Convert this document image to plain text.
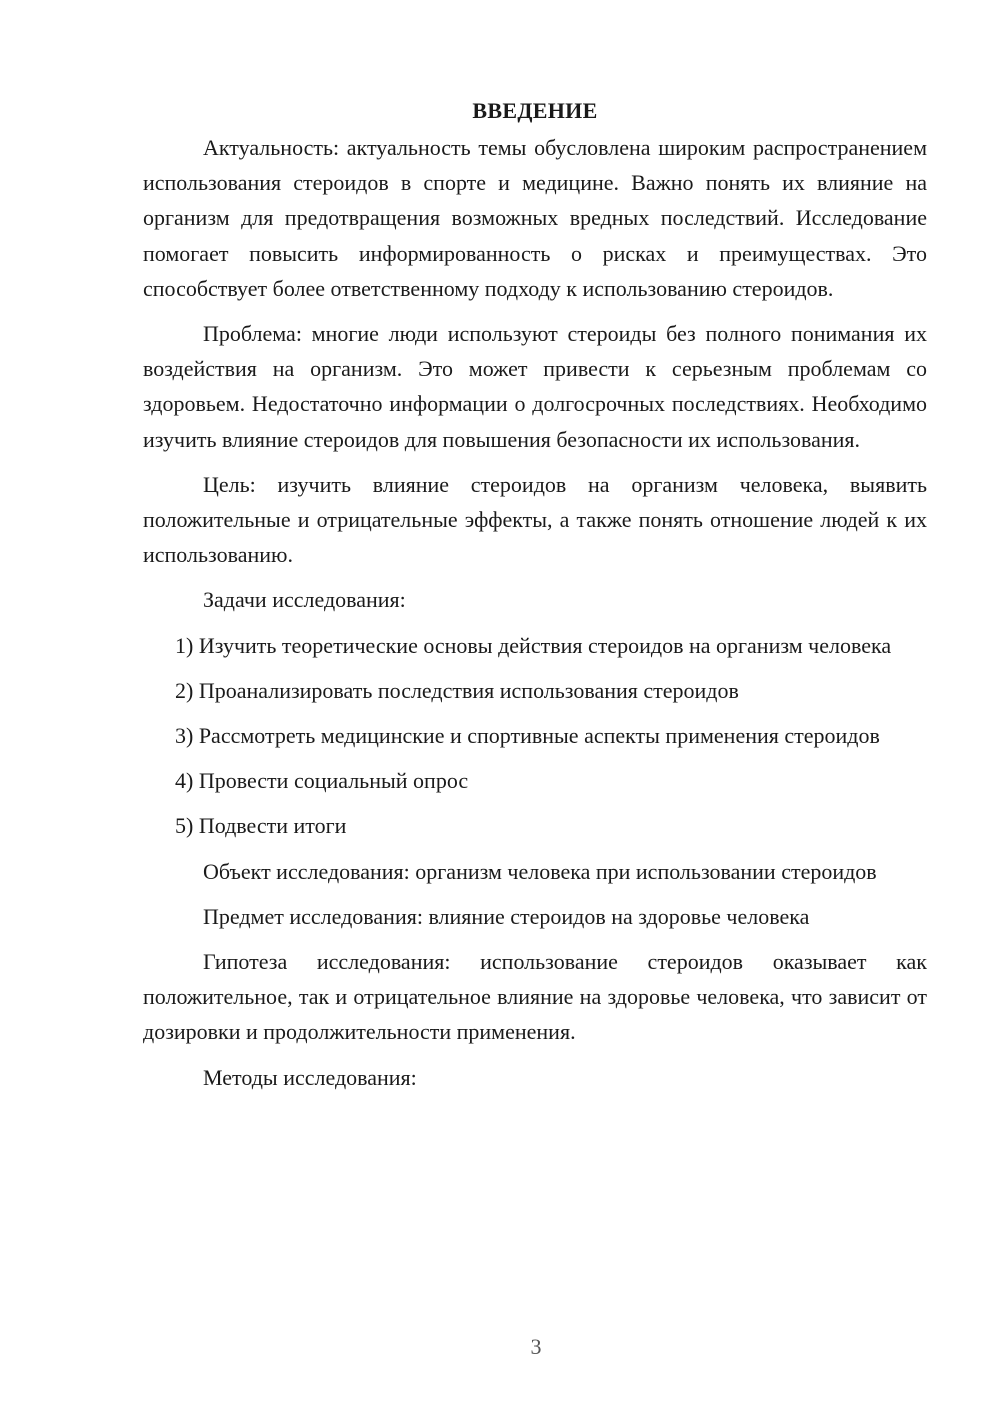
ВВЕДЕНИЕ

Актуальность: актуальность темы обусловлена широким распространением использования стероидов в спорте и медицине. Важно понять их влияние на организм для предотвращения возможных вредных последствий. Исследование помогает повысить информированность о рисках и преимуществах. Это способствует более ответственному подходу к использованию стероидов.

Проблема: многие люди используют стероиды без полного понимания их воздействия на организм. Это может привести к серьезным проблемам со здоровьем. Недостаточно информации о долгосрочных последствиях. Необходимо изучить влияние стероидов для повышения безопасности их использования.

Цель: изучить влияние стероидов на организм человека, выявить положительные и отрицательные эффекты, а также понять отношение людей к их использованию.

Задачи исследования:

1) Изучить теоретические основы действия стероидов на организм человека

2) Проанализировать последствия использования стероидов

3) Рассмотреть медицинские и спортивные аспекты применения стероидов

4) Провести социальный опрос

5) Подвести итоги

Объект исследования: организм человека при использовании стероидов

Предмет исследования: влияние стероидов на здоровье человека

Гипотеза исследования: использование стероидов оказывает как положительное, так и отрицательное влияние на здоровье человека, что зависит от дозировки и продолжительности применения.

Методы исследования:

3
